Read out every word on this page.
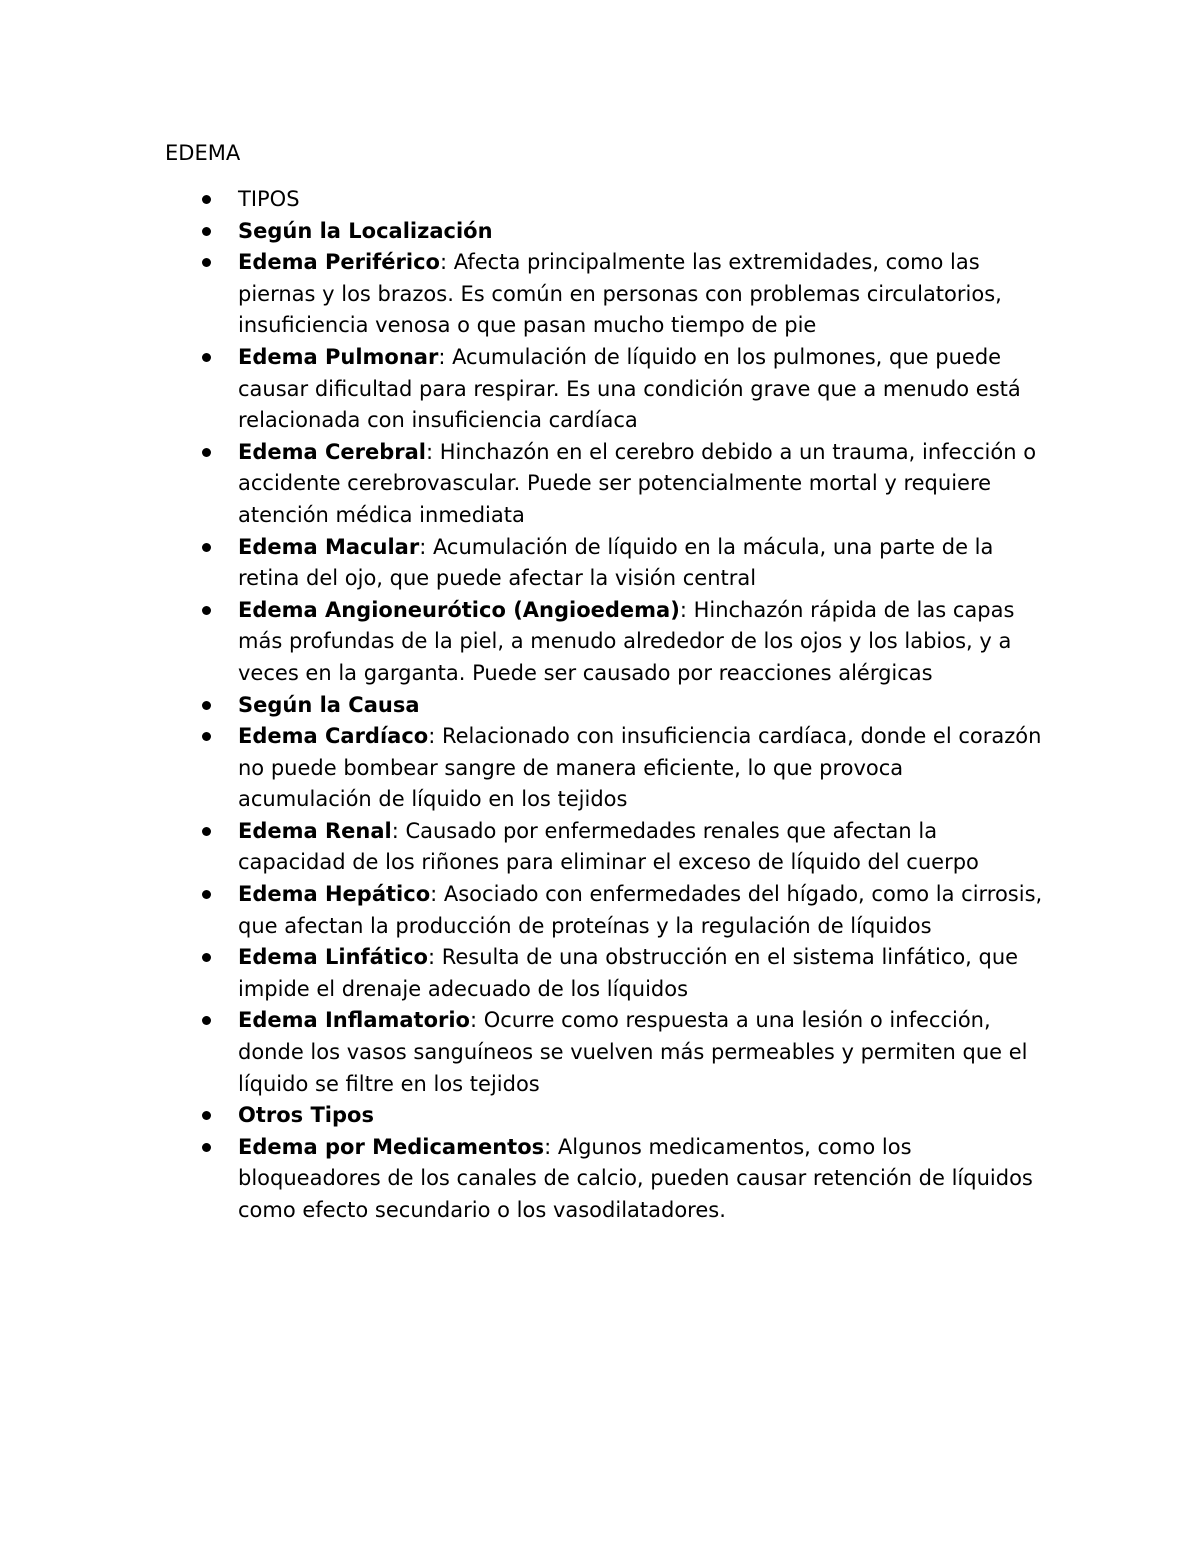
EDEMA
TIPOS
Según la Localización
Edema Periférico: Afecta principalmente las extremidades, como las piernas y los brazos. Es común en personas con problemas circulatorios, insuficiencia venosa o que pasan mucho tiempo de pie
Edema Pulmonar: Acumulación de líquido en los pulmones, que puede causar dificultad para respirar. Es una condición grave que a menudo está relacionada con insuficiencia cardíaca
Edema Cerebral: Hinchazón en el cerebro debido a un trauma, infección o accidente cerebrovascular. Puede ser potencialmente mortal y requiere atención médica inmediata
Edema Macular: Acumulación de líquido en la mácula, una parte de la retina del ojo, que puede afectar la visión central
Edema Angioneurótico (Angioedema): Hinchazón rápida de las capas más profundas de la piel, a menudo alrededor de los ojos y los labios, y a veces en la garganta. Puede ser causado por reacciones alérgicas
Según la Causa
Edema Cardíaco: Relacionado con insuficiencia cardíaca, donde el corazón no puede bombear sangre de manera eficiente, lo que provoca acumulación de líquido en los tejidos
Edema Renal: Causado por enfermedades renales que afectan la capacidad de los riñones para eliminar el exceso de líquido del cuerpo
Edema Hepático: Asociado con enfermedades del hígado, como la cirrosis, que afectan la producción de proteínas y la regulación de líquidos
Edema Linfático: Resulta de una obstrucción en el sistema linfático, que impide el drenaje adecuado de los líquidos
Edema Inflamatorio: Ocurre como respuesta a una lesión o infección, donde los vasos sanguíneos se vuelven más permeables y permiten que el líquido se filtre en los tejidos
Otros Tipos
Edema por Medicamentos: Algunos medicamentos, como los bloqueadores de los canales de calcio, pueden causar retención de líquidos como efecto secundario o los vasodilatadores.
